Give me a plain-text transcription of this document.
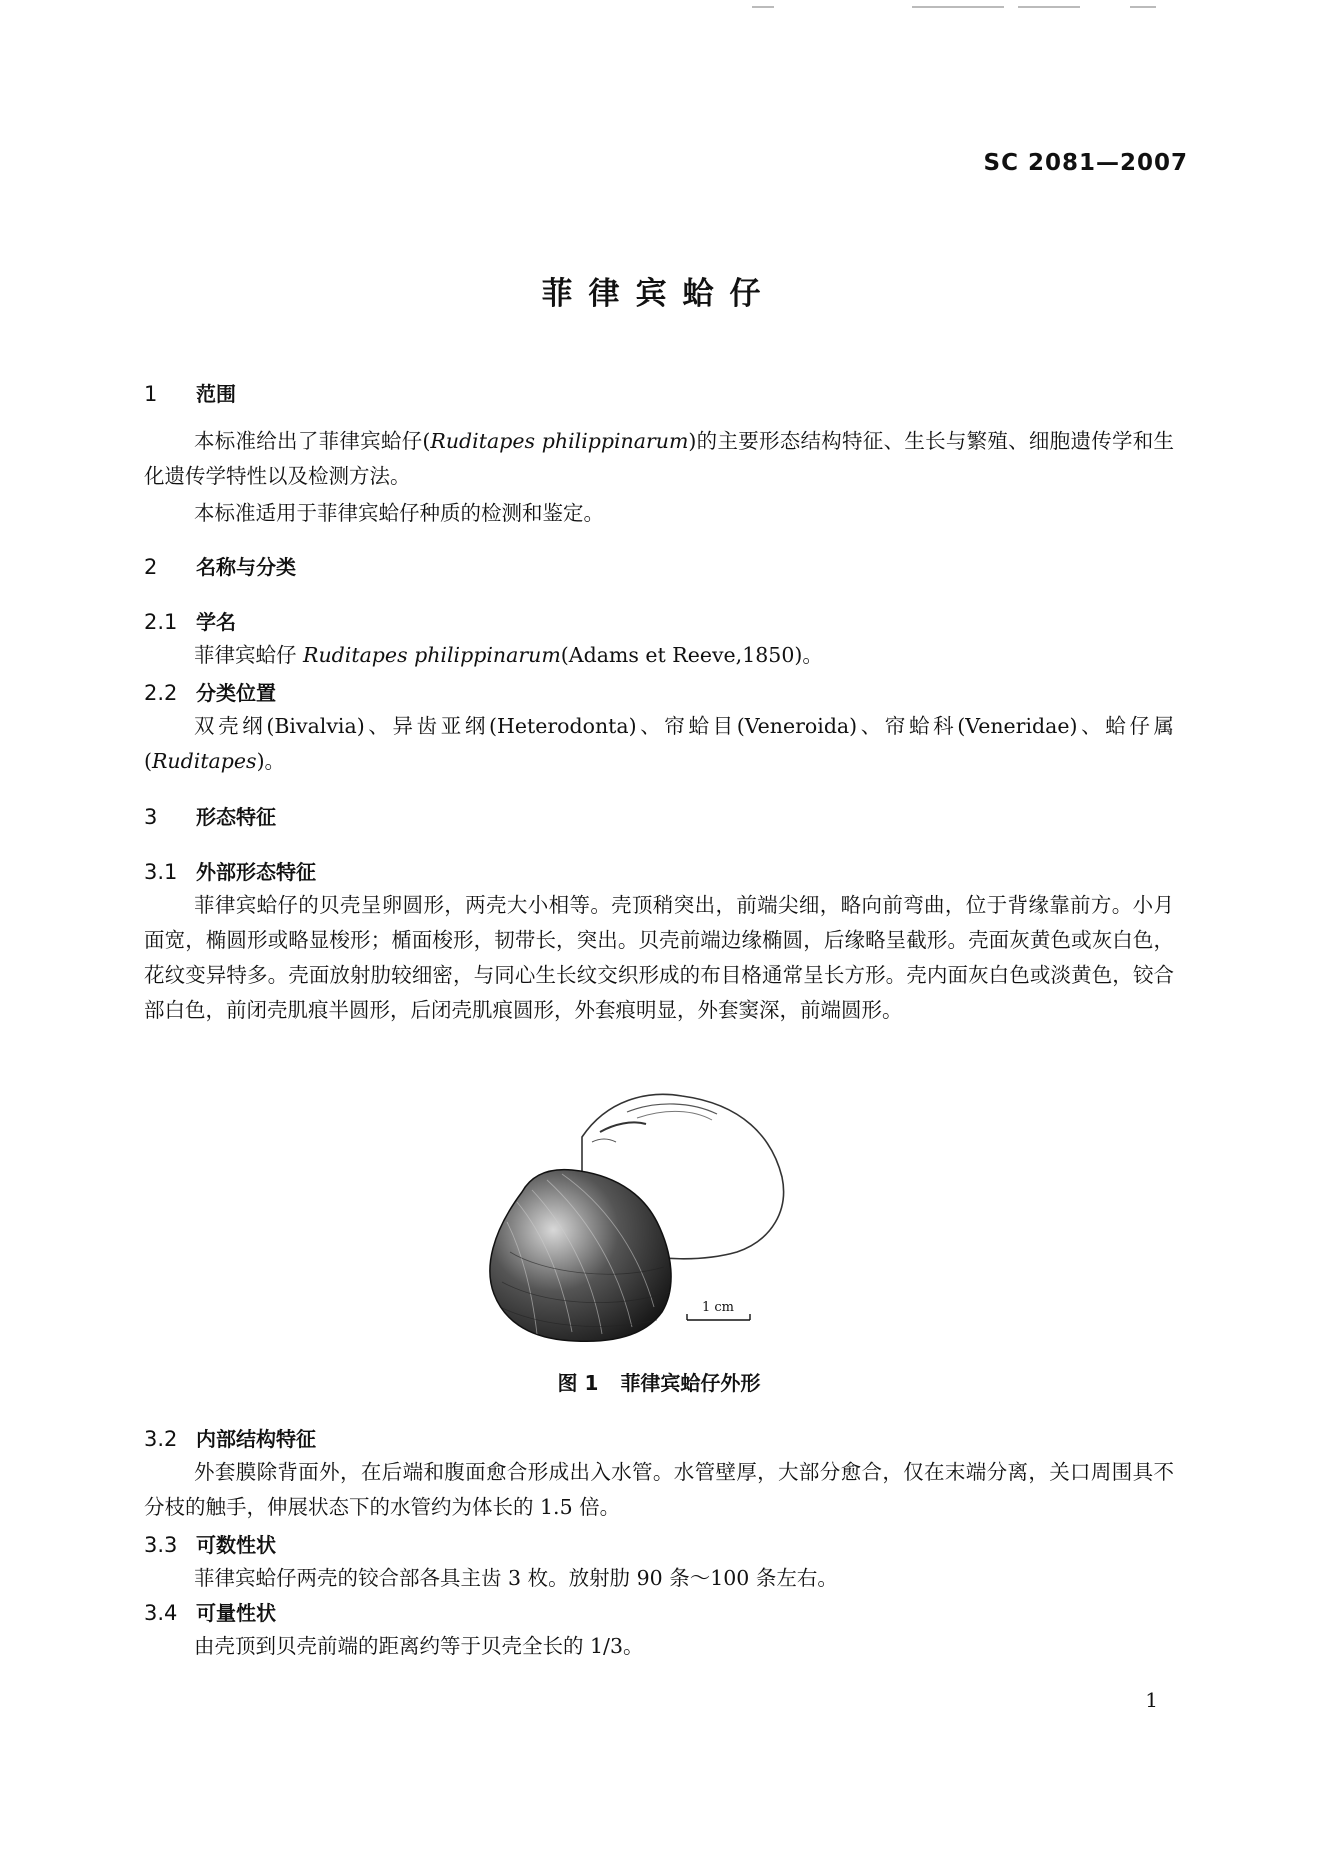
SC 2081—2007
菲律宾蛤仔
1 范围
本标准给出了菲律宾蛤仔(Ruditapes philippinarum)的主要形态结构特征、生长与繁殖、细胞遗传学和生化遗传学特性以及检测方法。
本标准适用于菲律宾蛤仔种质的检测和鉴定。
2 名称与分类
2.1 学名
菲律宾蛤仔 Ruditapes philippinarum(Adams et Reeve,1850)。
2.2 分类位置
双壳纲(Bivalvia)、异齿亚纲(Heterodonta)、帘蛤目(Veneroida)、帘蛤科(Veneridae)、蛤仔属(Ruditapes)。
3 形态特征
3.1 外部形态特征
菲律宾蛤仔的贝壳呈卵圆形，两壳大小相等。壳顶稍突出，前端尖细，略向前弯曲，位于背缘靠前方。小月面宽，椭圆形或略显梭形；楯面梭形，韧带长，突出。贝壳前端边缘椭圆，后缘略呈截形。壳面灰黄色或灰白色，花纹变异特多。壳面放射肋较细密，与同心生长纹交织形成的布目格通常呈长方形。壳内面灰白色或淡黄色，铰合部白色，前闭壳肌痕半圆形，后闭壳肌痕圆形，外套痕明显，外套窦深，前端圆形。
1 cm
图 1 菲律宾蛤仔外形
3.2 内部结构特征
外套膜除背面外，在后端和腹面愈合形成出入水管。水管壁厚，大部分愈合，仅在末端分离，关口周围具不分枝的触手，伸展状态下的水管约为体长的 1.5 倍。
3.3 可数性状
菲律宾蛤仔两壳的铰合部各具主齿 3 枚。放射肋 90 条～100 条左右。
3.4 可量性状
由壳顶到贝壳前端的距离约等于贝壳全长的 1/3。
1
